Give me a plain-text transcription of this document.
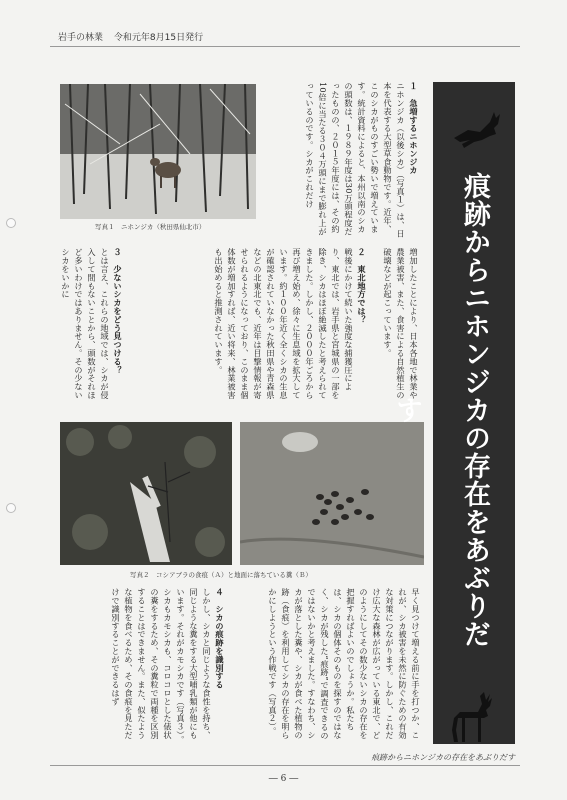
岩手の林業 令和元年8月15日発行
写真１　ニホンジカ（秋田県仙北市）
１　急増するニホンジカ
ニホンジカ（以後シカ）（写真１）は、日本を代表する大型草食動物です。近年、このシカがものすごい勢いで増えています。統計資料によると、本州以南のシカの頭数は、１９８９年度は30万頭程度だったものの、２０１５年度には、その約10倍に当たる３０４万頭にまで膨れ上がっているのです。シカがこれだけ
増加したことにより、日本各地で林業や農業被害、また、食害による自然植生の破壊などが起こっています。

２　東北地方では？
戦後にかけて続いた強度な捕獲圧により、東北では、岩手県と宮城県の一部を除き、シカはほぼ絶滅したと考えられてきました。しかし、２０００年ごろから再び増え始め、徐々に生息域を拡大しています。約１００年近く全くシカの生息が確認されていなかった秋田県や青森県などの北東北でも、近年は目撃情報が寄せられるようになっており、このまま個体数が増加すれば、近い将来、林業被害も出始めると推測されています。
写真２　コシアブラの食痕（Ａ）と地面に落ちている糞（Ｂ）
早く見つけて増える前に手を打つか、これが、シカ被害を未然に防ぐための有効な対策につながります。しかし、これだけ広大な森林が広がっている東北で、どのようにしてその数少ないシカの存在を把握すればよいのでしょうか。私たちは、シカの個体そのものを探すのではなく、シカが残した“痕跡”で調査できるのではないかと考えました。すなわち、シカが落とした糞や、シカが食べた植物の跡（食痕）を利用してシカの存在を明らかにしようという作戦です（写真２）。
４　シカの痕跡を識別する
しかし、シカと同じような食性を持ち、同じような糞をする大型哺乳類が他にもいます。それがカモシカです（写真３）。シカもカモシカも、コロコロとした俵状の糞をするため、その糞粒で両種を区別することはできません。また、似たような植物を食べるため、その食痕を見ただけで識別することができるはず
３　少ないシカをどう見つける？
とは言え、これらの地域では、シカが侵入して間もないことから、頭数がそれほど多いわけではありません。その少ないシカをいかに	痕跡からニホンジカの存在をあぶりだす
痕跡からニホンジカの存在をあぶりだす
― 6 ―
